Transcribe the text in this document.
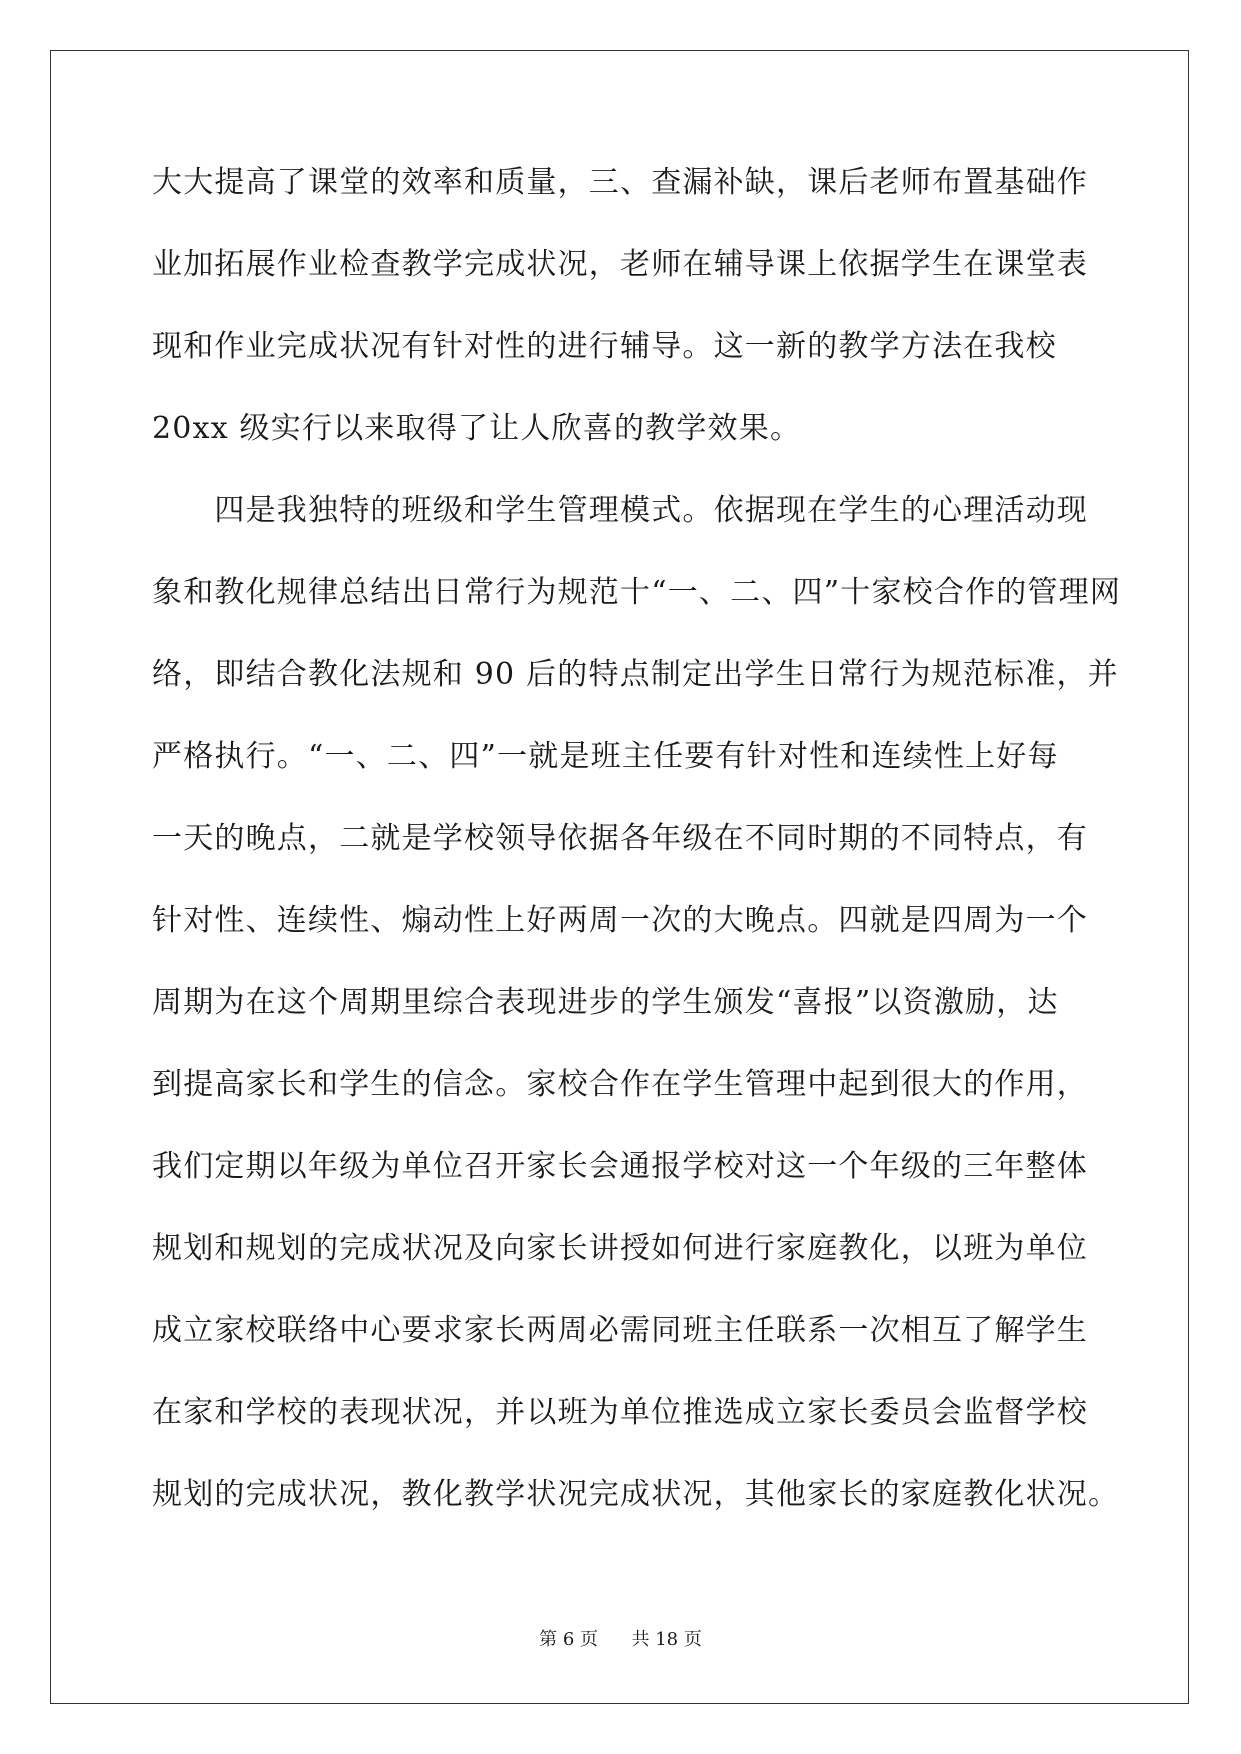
大大提高了课堂的效率和质量，三、查漏补缺，课后老师布置基础作
业加拓展作业检查教学完成状况，老师在辅导课上依据学生在课堂表
现和作业完成状况有针对性的进行辅导。这一新的教学方法在我校
20xx 级实行以来取得了让人欣喜的教学效果。
　　四是我独特的班级和学生管理模式。依据现在学生的心理活动现
象和教化规律总结出日常行为规范十“一、二、四”十家校合作的管理网
络，即结合教化法规和 90 后的特点制定出学生日常行为规范标准，并
严格执行。“一、二、四”一就是班主任要有针对性和连续性上好每
一天的晚点，二就是学校领导依据各年级在不同时期的不同特点，有
针对性、连续性、煽动性上好两周一次的大晚点。四就是四周为一个
周期为在这个周期里综合表现进步的学生颁发“喜报”以资激励，达
到提高家长和学生的信念。家校合作在学生管理中起到很大的作用，
我们定期以年级为单位召开家长会通报学校对这一个年级的三年整体
规划和规划的完成状况及向家长讲授如何进行家庭教化，以班为单位
成立家校联络中心要求家长两周必需同班主任联系一次相互了解学生
在家和学校的表现状况，并以班为单位推选成立家长委员会监督学校
规划的完成状况，教化教学状况完成状况，其他家长的家庭教化状况。
第 6 页 共 18 页
